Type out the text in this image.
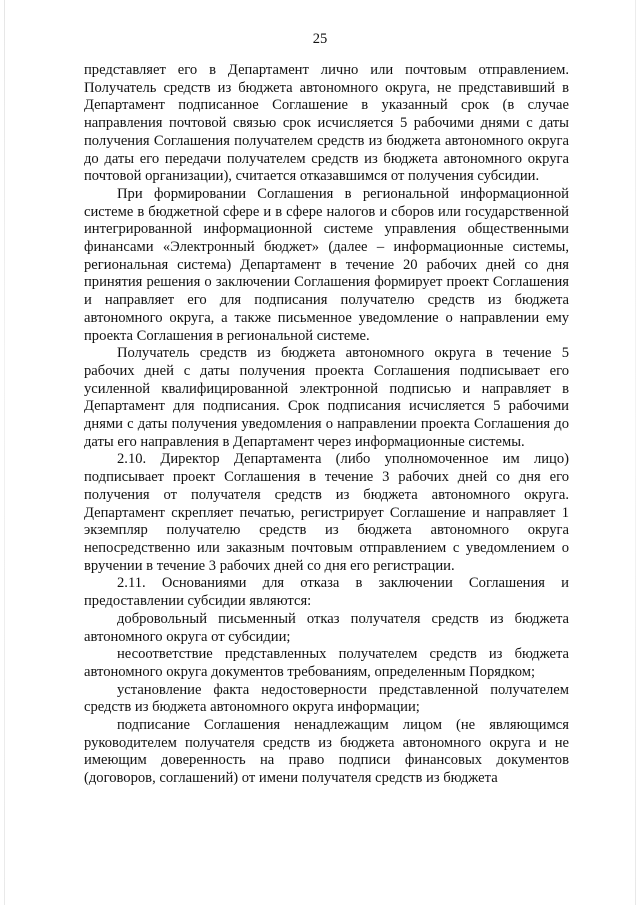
25

представляет его в Департамент лично или почтовым отправлением. Получатель средств из бюджета автономного округа, не представивший в Департамент подписанное Соглашение в указанный срок (в случае направления почтовой связью срок исчисляется 5 рабочими днями с даты получения Соглашения получателем средств из бюджета автономного округа до даты его передачи получателем средств из бюджета автономного округа почтовой организации), считается отказавшимся от получения субсидии.

При формировании Соглашения в региональной информационной системе в бюджетной сфере и в сфере налогов и сборов или государственной интегрированной информационной системе управления общественными финансами «Электронный бюджет» (далее – информационные системы, региональная система) Департамент в течение 20 рабочих дней со дня принятия решения о заключении Соглашения формирует проект Соглашения и направляет его для подписания получателю средств из бюджета автономного округа, а также письменное уведомление о направлении ему проекта Соглашения в региональной системе.

Получатель средств из бюджета автономного округа в течение 5 рабочих дней с даты получения проекта Соглашения подписывает его усиленной квалифицированной электронной подписью и направляет в Департамент для подписания. Срок подписания исчисляется 5 рабочими днями с даты получения уведомления о направлении проекта Соглашения до даты его направления в Департамент через информационные системы.

2.10. Директор Департамента (либо уполномоченное им лицо) подписывает проект Соглашения в течение 3 рабочих дней со дня его получения от получателя средств из бюджета автономного округа. Департамент скрепляет печатью, регистрирует Соглашение и направляет 1 экземпляр получателю средств из бюджета автономного округа непосредственно или заказным почтовым отправлением с уведомлением о вручении в течение 3 рабочих дней со дня его регистрации.

2.11. Основаниями для отказа в заключении Соглашения и предоставлении субсидии являются:

добровольный письменный отказ получателя средств из бюджета автономного округа от субсидии;

несоответствие представленных получателем средств из бюджета автономного округа документов требованиям, определенным Порядком;

установление факта недостоверности представленной получателем средств из бюджета автономного округа информации;

подписание Соглашения ненадлежащим лицом (не являющимся руководителем получателя средств из бюджета автономного округа и не имеющим доверенность на право подписи финансовых документов (договоров, соглашений) от имени получателя средств из бюджета
